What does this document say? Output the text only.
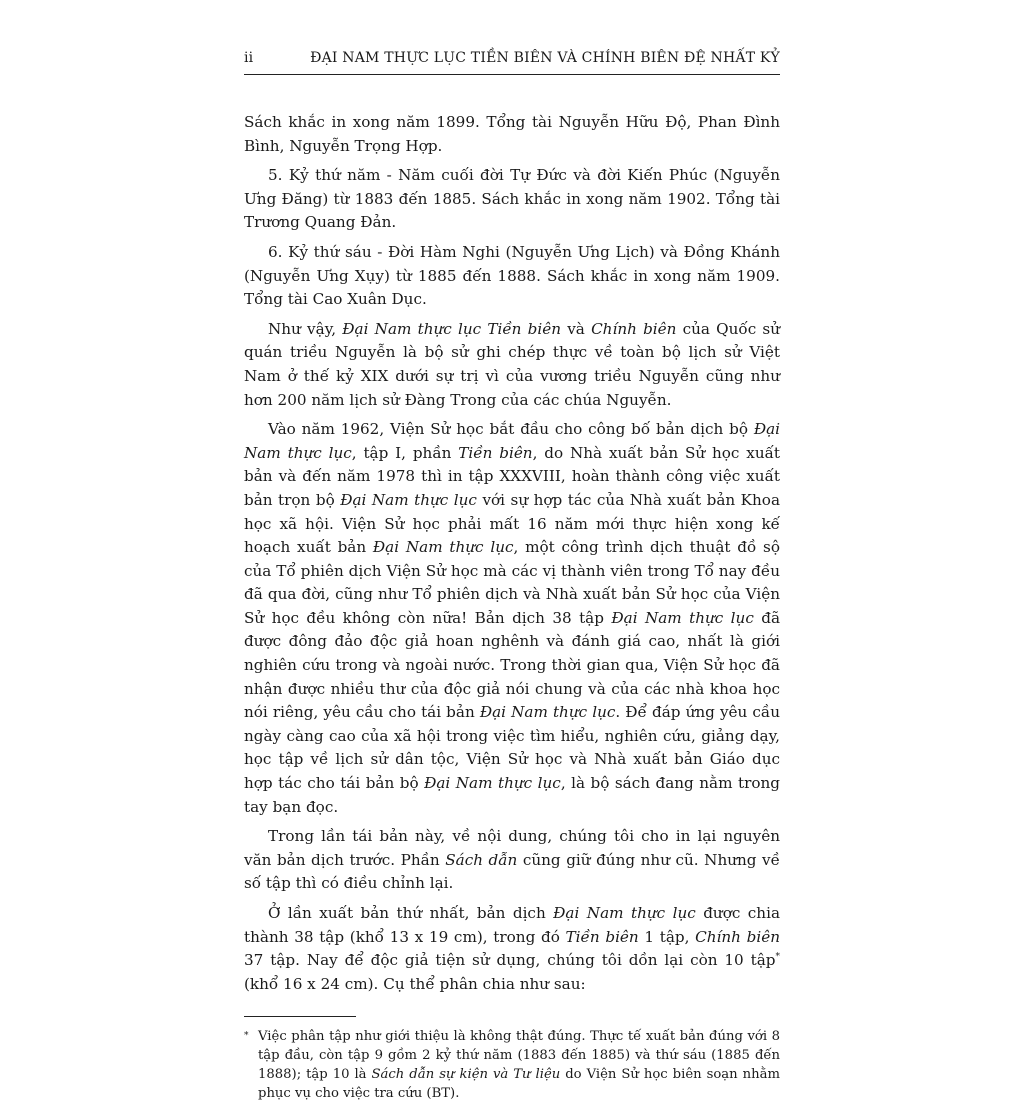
ii	ĐẠI NAM THỰC LỤC TIỀN BIÊN VÀ CHÍNH BIÊN ĐỆ NHẤT KỶ

Sách khắc in xong năm 1899. Tổng tài Nguyễn Hữu Độ, Phan Đình Bình, Nguyễn Trọng Hợp.

5. Kỷ thứ năm - Năm cuối đời Tự Đức và đời Kiến Phúc (Nguyễn Ưng Đăng) từ 1883 đến 1885. Sách khắc in xong năm 1902. Tổng tài Trương Quang Đản.

6. Kỷ thứ sáu - Đời Hàm Nghi (Nguyễn Ưng Lịch) và Đồng Khánh (Nguyễn Ưng Xụy) từ 1885 đến 1888. Sách khắc in xong năm 1909. Tổng tài Cao Xuân Dục.

Như vậy, Đại Nam thực lục Tiền biên và Chính biên của Quốc sử quán triều Nguyễn là bộ sử ghi chép thực về toàn bộ lịch sử Việt Nam ở thế kỷ XIX dưới sự trị vì của vương triều Nguyễn cũng như hơn 200 năm lịch sử Đàng Trong của các chúa Nguyễn.

Vào năm 1962, Viện Sử học bắt đầu cho công bố bản dịch bộ Đại Nam thực lục, tập I, phần Tiền biên, do Nhà xuất bản Sử học xuất bản và đến năm 1978 thì in tập XXXVIII, hoàn thành công việc xuất bản trọn bộ Đại Nam thực lục với sự hợp tác của Nhà xuất bản Khoa học xã hội. Viện Sử học phải mất 16 năm mới thực hiện xong kế hoạch xuất bản Đại Nam thực lục, một công trình dịch thuật đồ sộ của Tổ phiên dịch Viện Sử học mà các vị thành viên trong Tổ nay đều đã qua đời, cũng như Tổ phiên dịch và Nhà xuất bản Sử học của Viện Sử học đều không còn nữa! Bản dịch 38 tập Đại Nam thực lục đã được đông đảo độc giả hoan nghênh và đánh giá cao, nhất là giới nghiên cứu trong và ngoài nước. Trong thời gian qua, Viện Sử học đã nhận được nhiều thư của độc giả nói chung và của các nhà khoa học nói riêng, yêu cầu cho tái bản Đại Nam thực lục. Để đáp ứng yêu cầu ngày càng cao của xã hội trong việc tìm hiểu, nghiên cứu, giảng dạy, học tập về lịch sử dân tộc, Viện Sử học và Nhà xuất bản Giáo dục hợp tác cho tái bản bộ Đại Nam thực lục, là bộ sách đang nằm trong tay bạn đọc.

Trong lần tái bản này, về nội dung, chúng tôi cho in lại nguyên văn bản dịch trước. Phần Sách dẫn cũng giữ đúng như cũ. Nhưng về số tập thì có điều chỉnh lại.

Ở lần xuất bản thứ nhất, bản dịch Đại Nam thực lục được chia thành 38 tập (khổ 13 x 19 cm), trong đó Tiền biên 1 tập, Chính biên 37 tập. Nay để độc giả tiện sử dụng, chúng tôi dồn lại còn 10 tập* (khổ 16 x 24 cm). Cụ thể phân chia như sau:

* Việc phân tập như giới thiệu là không thật đúng. Thực tế xuất bản đúng với 8 tập đầu, còn tập 9 gồm 2 kỷ thứ năm (1883 đến 1885) và thứ sáu (1885 đến 1888); tập 10 là Sách dẫn sự kiện và Tư liệu do Viện Sử học biên soạn nhằm phục vụ cho việc tra cứu (BT).
